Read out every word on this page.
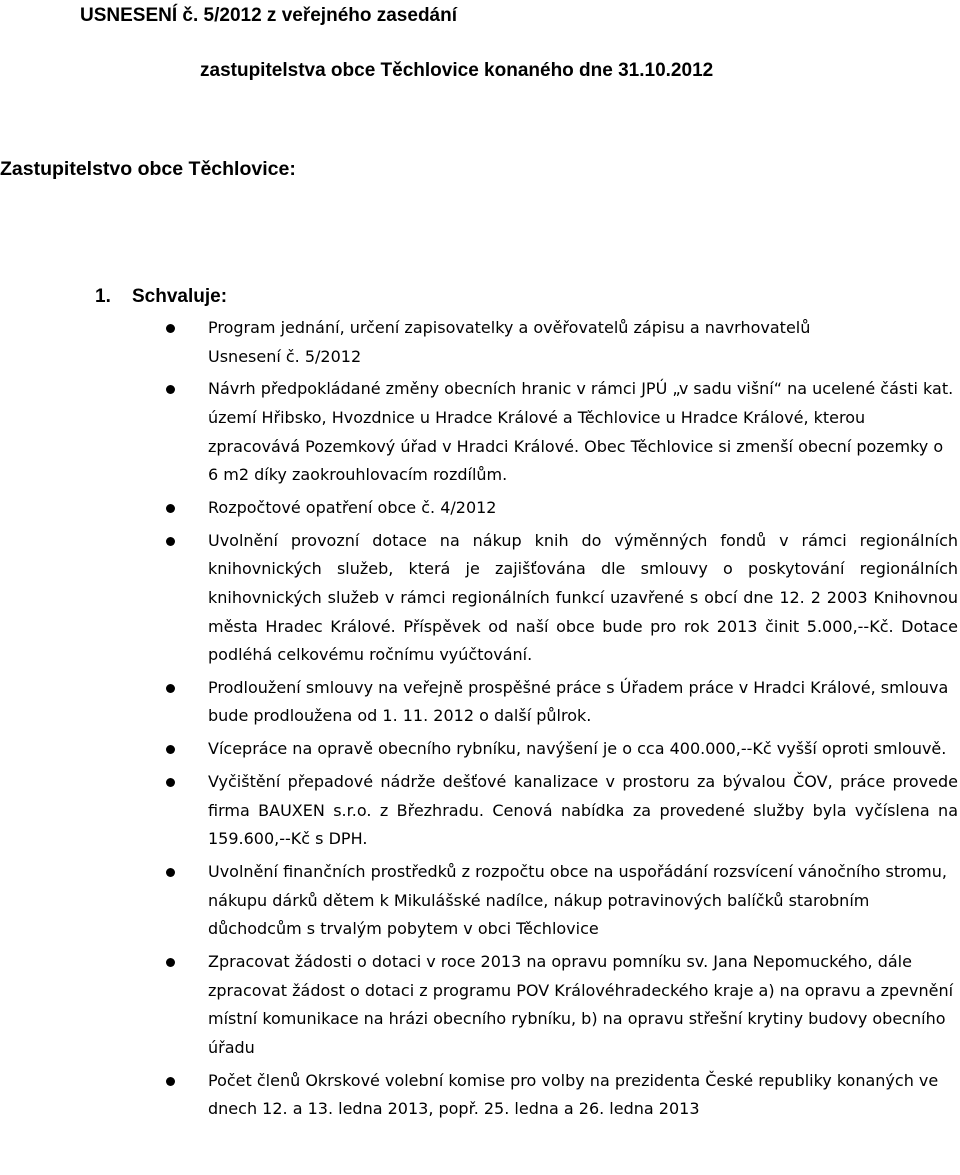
USNESENÍ č. 5/2012 z veřejného zasedání

zastupitelstva obce Těchlovice konaného dne 31.10.2012

Zastupitelstvo obce Těchlovice:

1. Schvaluje:

Program jednání, určení zapisovatelky a ověřovatelů zápisu a navrhovatelů
Usnesení č. 5/2012
Návrh předpokládané změny obecních hranic v rámci JPÚ „v sadu višní“ na ucelené části kat. území Hřibsko, Hvozdnice u Hradce Králové a Těchlovice u Hradce Králové, kterou zpracovává Pozemkový úřad v Hradci Králové. Obec Těchlovice si zmenší obecní pozemky o 6 m2 díky zaokrouhlovacím rozdílům.
Rozpočtové opatření obce č. 4/2012
Uvolnění provozní dotace na nákup knih do výměnných fondů v rámci regionálních knihovnických služeb, která je zajišťována dle smlouvy o poskytování regionálních knihovnických služeb v rámci regionálních funkcí uzavřené s obcí dne 12. 2 2003 Knihovnou města Hradec Králové. Příspěvek od naší obce bude pro rok 2013 činit 5.000,--Kč. Dotace podléhá celkovému ročnímu vyúčtování.
Prodloužení smlouvy na veřejně prospěšné práce s Úřadem práce v Hradci Králové, smlouva bude prodloužena od 1. 11. 2012 o další půlrok.
Vícepráce na opravě obecního rybníku, navýšení je o cca 400.000,--Kč vyšší oproti smlouvě.
Vyčištění přepadové nádrže dešťové kanalizace v prostoru za bývalou ČOV, práce provede firma BAUXEN s.r.o. z Březhradu. Cenová nabídka za provedené služby byla vyčíslena na 159.600,--Kč s DPH.
Uvolnění finančních prostředků z rozpočtu obce na uspořádání rozsvícení vánočního stromu, nákupu dárků dětem k Mikulášské nadílce, nákup potravinových balíčků starobním důchodcům s trvalým pobytem v obci Těchlovice
Zpracovat žádosti o dotaci v roce 2013 na opravu pomníku sv. Jana Nepomuckého, dále zpracovat žádost o dotaci z programu POV Královéhradeckého kraje a) na opravu a zpevnění místní komunikace na hrázi obecního rybníku, b) na opravu střešní krytiny budovy obecního úřadu
Počet členů Okrskové volební komise pro volby na prezidenta České republiky konaných ve dnech 12. a 13. ledna 2013, popř. 25. ledna a 26. ledna 2013
